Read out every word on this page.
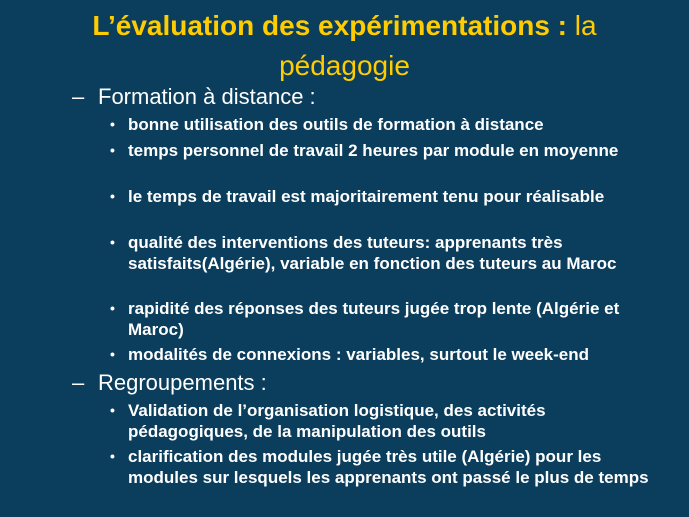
L’évaluation des expérimentations : la
pédagogie
– Formation à distance :
• bonne utilisation des outils de formation à distance
• temps personnel de travail 2 heures par module en moyenne
• le temps de travail est majoritairement tenu pour réalisable
• qualité des interventions des tuteurs: apprenants très satisfaits(Algérie), variable en fonction des tuteurs au Maroc
• rapidité des réponses des tuteurs jugée trop lente (Algérie et Maroc)
• modalités de connexions : variables, surtout le week-end
– Regroupements :
• Validation de l’organisation logistique, des activités pédagogiques, de la manipulation des outils
• clarification des modules jugée très utile (Algérie) pour les modules sur lesquels les apprenants ont passé le plus de temps
